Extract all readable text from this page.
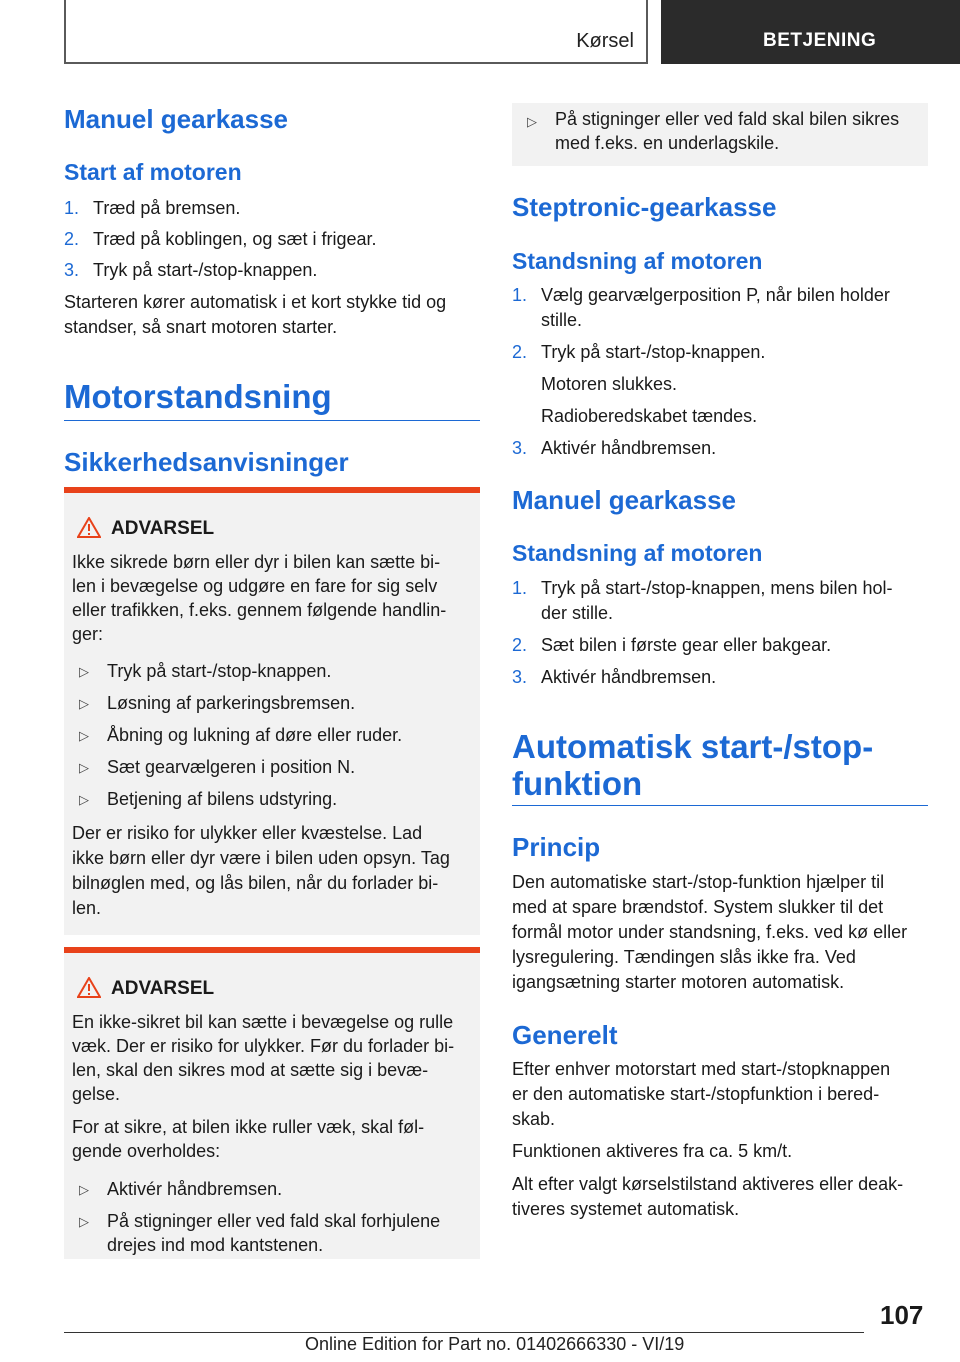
Kørsel	BETJENING
Manuel gearkasse
Start af motoren
1. Træd på bremsen.
2. Træd på koblingen, og sæt i frigear.
3. Tryk på start-/stop-knappen.
Starteren kører automatisk i et kort stykke tid og
standser, så snart motoren starter.
Motorstandsning
Sikkerhedsanvisninger
ADVARSEL
Ikke sikrede børn eller dyr i bilen kan sætte bi-
len i bevægelse og udgøre en fare for sig selv
eller trafikken, f.eks. gennem følgende handlin-
ger:
▷ Tryk på start-/stop-knappen.
▷ Løsning af parkeringsbremsen.
▷ Åbning og lukning af døre eller ruder.
▷ Sæt gearvælgeren i position N.
▷ Betjening af bilens udstyring.
Der er risiko for ulykker eller kvæstelse. Lad
ikke børn eller dyr være i bilen uden opsyn. Tag
bilnøglen med, og lås bilen, når du forlader bi-
len.
ADVARSEL
En ikke-sikret bil kan sætte i bevægelse og rulle
væk. Der er risiko for ulykker. Før du forlader bi-
len, skal den sikres mod at sætte sig i bevæ-
gelse.
For at sikre, at bilen ikke ruller væk, skal føl-
gende overholdes:
▷ Aktivér håndbremsen.
▷ På stigninger eller ved fald skal forhjulene
drejes ind mod kantstenen.
▷ På stigninger eller ved fald skal bilen sikres
med f.eks. en underlagskile.
Steptronic-gearkasse
Standsning af motoren
1. Vælg gearvælgerposition P, når bilen holder
stille.
2. Tryk på start-/stop-knappen.
Motoren slukkes.
Radioberedskabet tændes.
3. Aktivér håndbremsen.
Manuel gearkasse
Standsning af motoren
1. Tryk på start-/stop-knappen, mens bilen hol-
der stille.
2. Sæt bilen i første gear eller bakgear.
3. Aktivér håndbremsen.
Automatisk start-/stop-
funktion
Princip
Den automatiske start-/stop-funktion hjælper til
med at spare brændstof. System slukker til det
formål motor under standsning, f.eks. ved kø eller
lysregulering. Tændingen slås ikke fra. Ved
igangsætning starter motoren automatisk.
Generelt
Efter enhver motorstart med start-/stopknappen
er den automatiske start-/stopfunktion i bered-
skab.
Funktionen aktiveres fra ca. 5 km/t.
Alt efter valgt kørselstilstand aktiveres eller deak-
tiveres systemet automatisk.
107
Online Edition for Part no. 01402666330 - VI/19
